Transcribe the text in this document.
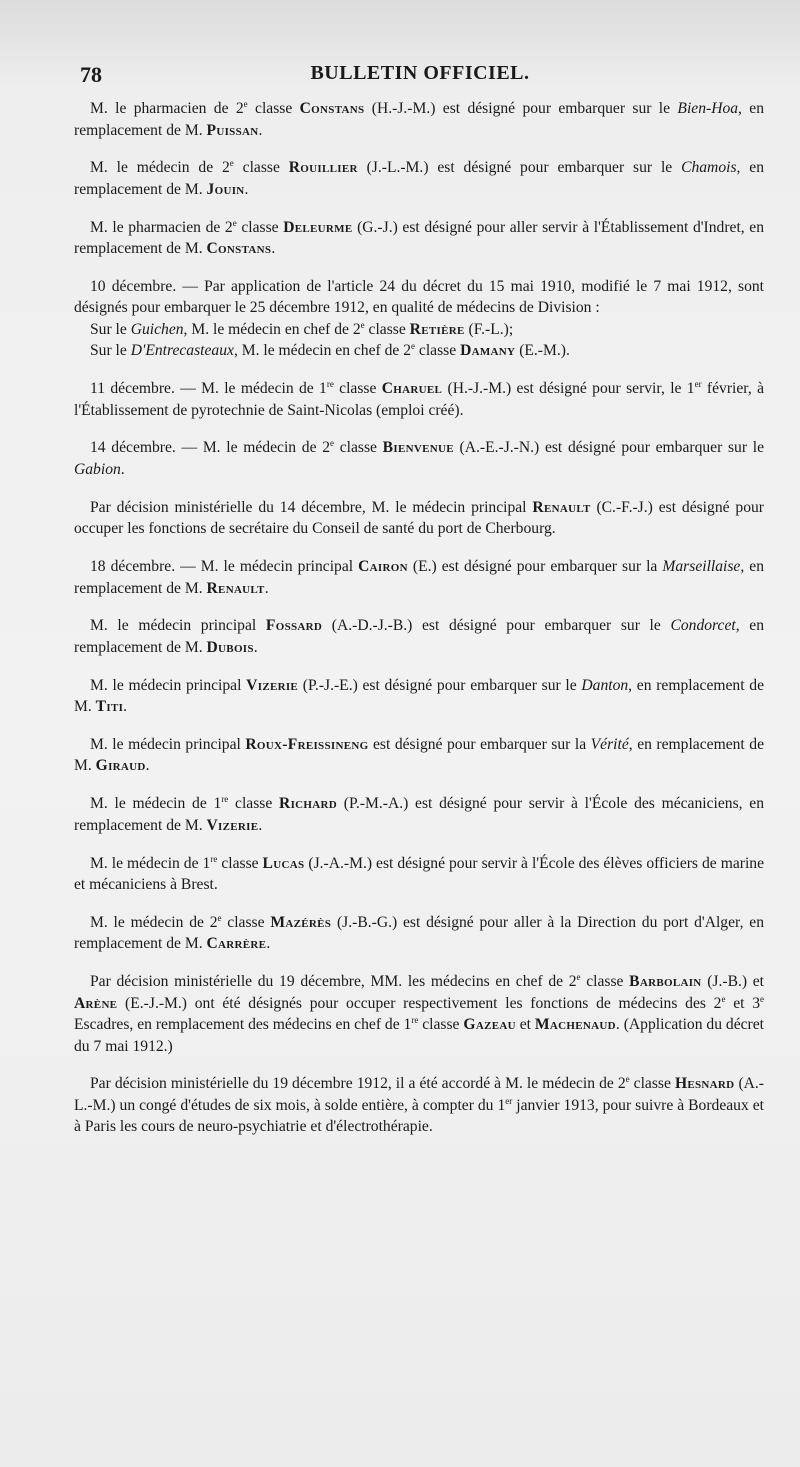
78	BULLETIN OFFICIEL.

M. le pharmacien de 2e classe Constans (H.-J.-M.) est désigné pour embarquer sur le Bien-Hoa, en remplacement de M. Puissan.

M. le médecin de 2e classe Rouillier (J.-L.-M.) est désigné pour embarquer sur le Chamois, en remplacement de M. Jouin.

M. le pharmacien de 2e classe Deleurme (G.-J.) est désigné pour aller servir à l'Établissement d'Indret, en remplacement de M. Constans.

10 décembre. — Par application de l'article 24 du décret du 15 mai 1910, modifié le 7 mai 1912, sont désignés pour embarquer le 25 décembre 1912, en qualité de médecins de Division :
Sur le Guichen, M. le médecin en chef de 2e classe Retière (F.-L.);
Sur le D'Entrecasteaux, M. le médecin en chef de 2e classe Damany (E.-M.).

11 décembre. — M. le médecin de 1re classe Charuel (H.-J.-M.) est désigné pour servir, le 1er février, à l'Établissement de pyrotechnie de Saint-Nicolas (emploi créé).

14 décembre. — M. le médecin de 2e classe Bienvenue (A.-E.-J.-N.) est désigné pour embarquer sur le Gabion.

Par décision ministérielle du 14 décembre, M. le médecin principal Renault (C.-F.-J.) est désigné pour occuper les fonctions de secrétaire du Conseil de santé du port de Cherbourg.

18 décembre. — M. le médecin principal Cairon (E.) est désigné pour embarquer sur la Marseillaise, en remplacement de M. Renault.

M. le médecin principal Fossard (A.-D.-J.-B.) est désigné pour embarquer sur le Condorcet, en remplacement de M. Dubois.

M. le médecin principal Vizerie (P.-J.-E.) est désigné pour embarquer sur le Danton, en remplacement de M. Titi.

M. le médecin principal Roux-Freissineng est désigné pour embarquer sur la Vérité, en remplacement de M. Giraud.

M. le médecin de 1re classe Richard (P.-M.-A.) est désigné pour servir à l'École des mécaniciens, en remplacement de M. Vizerie.

M. le médecin de 1re classe Lucas (J.-A.-M.) est désigné pour servir à l'École des élèves officiers de marine et mécaniciens à Brest.

M. le médecin de 2e classe Mazérès (J.-B.-G.) est désigné pour aller à la Direction du port d'Alger, en remplacement de M. Carrère.

Par décision ministérielle du 19 décembre, MM. les médecins en chef de 2e classe Barbolain (J.-B.) et Arène (E.-J.-M.) ont été désignés pour occuper respectivement les fonctions de médecins des 2e et 3e Escadres, en remplacement des médecins en chef de 1re classe Gazeau et Machenaud. (Application du décret du 7 mai 1912.)

Par décision ministérielle du 19 décembre 1912, il a été accordé à M. le médecin de 2e classe Hesnard (A.-L.-M.) un congé d'études de six mois, à solde entière, à compter du 1er janvier 1913, pour suivre à Bordeaux et à Paris les cours de neuro-psychiatrie et d'électrothérapie.
